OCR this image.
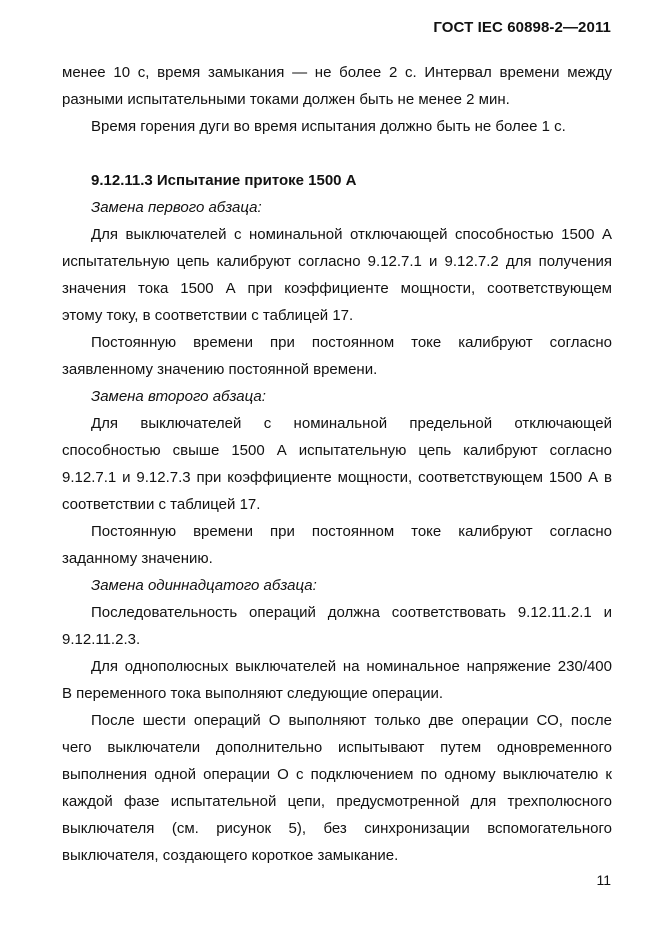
ГОСТ IEC 60898-2—2011

менее 10 с, время замыкания — не более 2 с. Интервал времени между
разными испытательными токами должен быть не менее 2 мин.

Время горения дуги во время испытания должно быть не более 1 с.

9.12.11.3 Испытание притоке 1500 А

Замена первого абзаца:

Для выключателей с номинальной отключающей способностью 1500 А
испытательную цепь калибруют согласно 9.12.7.1 и 9.12.7.2 для получения
значения тока 1500 А при коэффициенте мощности, соответствующем
этому току, в соответствии с таблицей 17.

Постоянную времени при постоянном токе калибруют согласно
заявленному значению постоянной времени.

Замена второго абзаца:

Для выключателей с номинальной предельной отключающей
способностью свыше 1500 А испытательную цепь калибруют согласно
9.12.7.1 и 9.12.7.3 при коэффициенте мощности, соответствующем 1500 А в
соответствии с таблицей 17.

Постоянную времени при постоянном токе калибруют согласно
заданному значению.

Замена одиннадцатого абзаца:

Последовательность операций должна соответствовать 9.12.11.2.1 и
9.12.11.2.3.

Для однополюсных выключателей на номинальное напряжение 230/400
В переменного тока выполняют следующие операции.

После шести операций О выполняют только две операции СО, после
чего выключатели дополнительно испытывают путем одновременного
выполнения одной операции О с подключением по одному выключателю к
каждой фазе испытательной цепи, предусмотренной для трехполюсного
выключателя (см. рисунок 5), без синхронизации вспомогательного
выключателя, создающего короткое замыкание.

11
